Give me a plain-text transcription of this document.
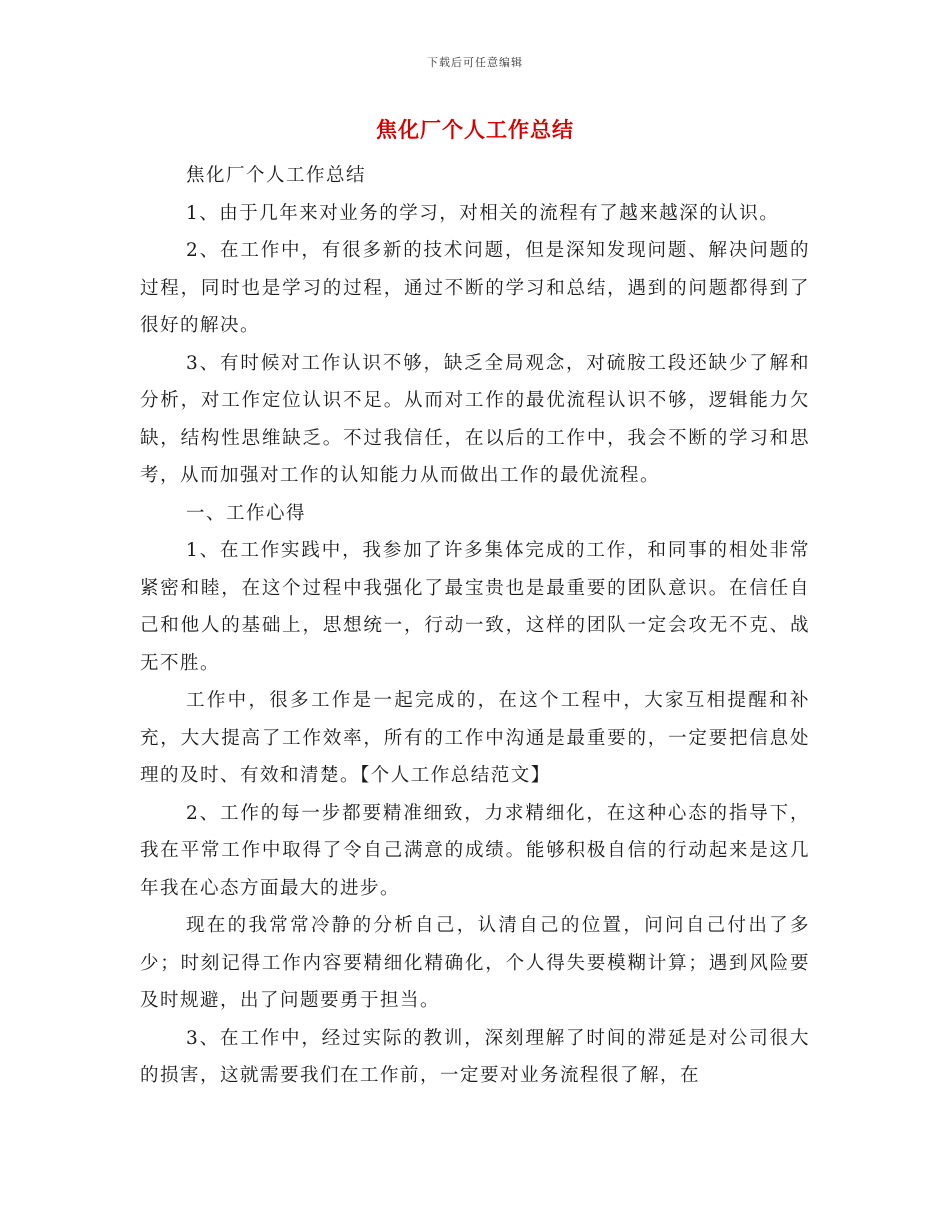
下载后可任意编辑
焦化厂个人工作总结

焦化厂个人工作总结

1、由于几年来对业务的学习，对相关的流程有了越来越深的认识。

2、在工作中，有很多新的技术问题，但是深知发现问题、解决问题的过程，同时也是学习的过程，通过不断的学习和总结，遇到的问题都得到了很好的解决。

3、有时候对工作认识不够，缺乏全局观念，对硫胺工段还缺少了解和分析，对工作定位认识不足。从而对工作的最优流程认识不够，逻辑能力欠缺，结构性思维缺乏。不过我信任，在以后的工作中，我会不断的学习和思考，从而加强对工作的认知能力从而做出工作的最优流程。

一、工作心得

1、在工作实践中，我参加了许多集体完成的工作，和同事的相处非常紧密和睦，在这个过程中我强化了最宝贵也是最重要的团队意识。在信任自己和他人的基础上，思想统一，行动一致，这样的团队一定会攻无不克、战无不胜。

工作中，很多工作是一起完成的，在这个工程中，大家互相提醒和补充，大大提高了工作效率，所有的工作中沟通是最重要的，一定要把信息处理的及时、有效和清楚。【个人工作总结范文】

2、工作的每一步都要精准细致，力求精细化，在这种心态的指导下，我在平常工作中取得了令自己满意的成绩。能够积极自信的行动起来是这几年我在心态方面最大的进步。

现在的我常常冷静的分析自己，认清自己的位置，问问自己付出了多少；时刻记得工作内容要精细化精确化，个人得失要模糊计算；遇到风险要及时规避，出了问题要勇于担当。

3、在工作中，经过实际的教训，深刻理解了时间的滞延是对公司很大的损害，这就需要我们在工作前，一定要对业务流程很了解，在
